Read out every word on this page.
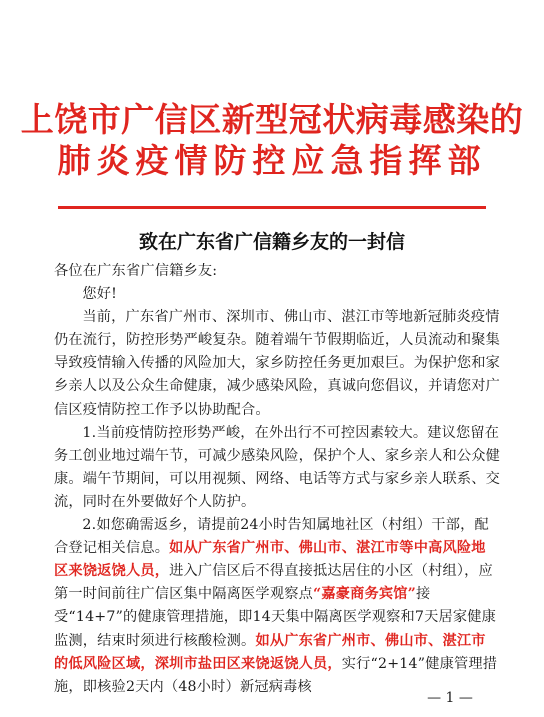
上饶市广信区新型冠状病毒感染的
肺炎疫情防控应急指挥部
致在广东省广信籍乡友的一封信

各位在广东省广信籍乡友:

您好!

当前，广东省广州市、深圳市、佛山市、湛江市等地新冠肺炎疫情仍在流行，防控形势严峻复杂。随着端午节假期临近，人员流动和聚集导致疫情输入传播的风险加大，家乡防控任务更加艰巨。为保护您和家乡亲人以及公众生命健康，减少感染风险，真诚向您倡议，并请您对广信区疫情防控工作予以协助配合。

1.当前疫情防控形势严峻，在外出行不可控因素较大。建议您留在务工创业地过端午节，可减少感染风险，保护个人、家乡亲人和公众健康。端午节期间，可以用视频、网络、电话等方式与家乡亲人联系、交流，同时在外要做好个人防护。

2.如您确需返乡，请提前24小时告知属地社区（村组）干部，配合登记相关信息。如从广东省广州市、佛山市、湛江市等中高风险地区来饶返饶人员，进入广信区后不得直接抵达居住的小区（村组），应第一时间前往广信区集中隔离医学观察点“嘉豪商务宾馆”接受“14+7”的健康管理措施，即14天集中隔离医学观察和7天居家健康监测，结束时须进行核酸检测。如从广东省广州市、佛山市、湛江市的低风险区域，深圳市盐田区来饶返饶人员，实行“2+14”健康管理措施，即核验2天内（48小时）新冠病毒核

— 1 —
